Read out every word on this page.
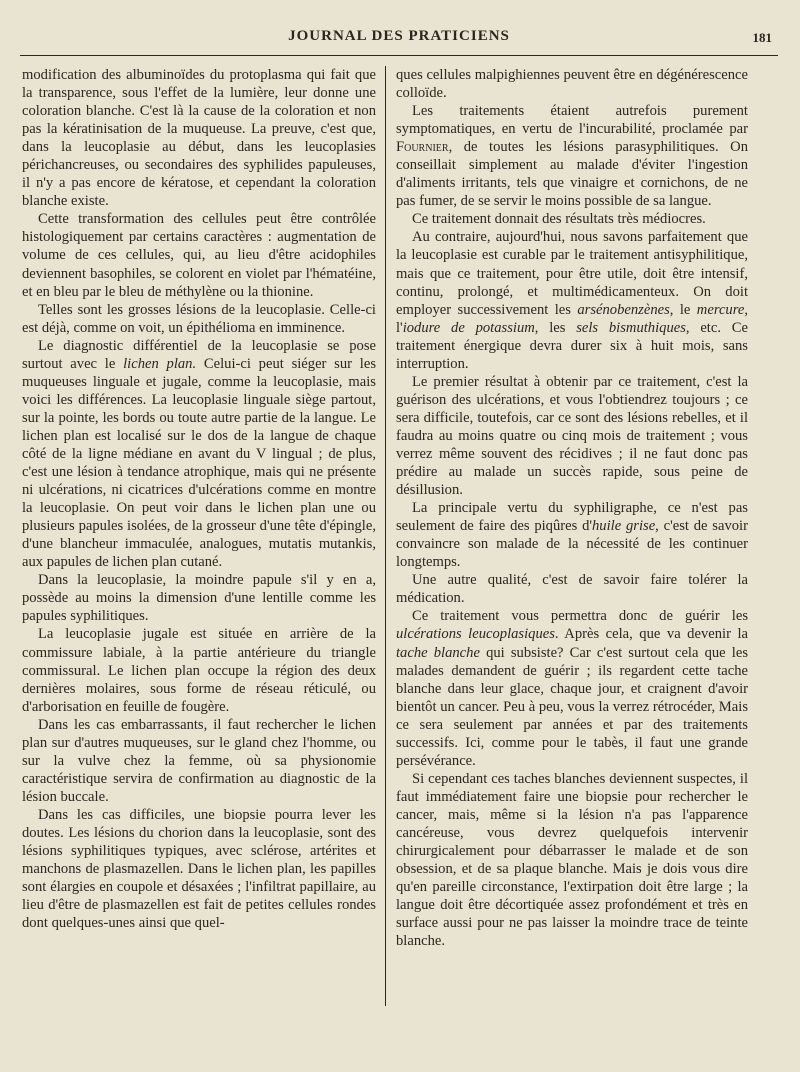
JOURNAL DES PRATICIENS	181

modification des albuminoïdes du protoplasma qui fait que la transparence, sous l'effet de la lumière, leur donne une coloration blanche. C'est là la cause de la coloration et non pas la kératinisation de la muqueuse. La preuve, c'est que, dans la leucoplasie au début, dans les leucoplasies périchancreuses, ou secondaires des syphilides papuleuses, il n'y a pas encore de kératose, et cependant la coloration blanche existe.

Cette transformation des cellules peut être contrôlée histologiquement par certains caractères : augmentation de volume de ces cellules, qui, au lieu d'être acidophiles deviennent basophiles, se colorent en violet par l'hématéine, et en bleu par le bleu de méthylène ou la thionine.

Telles sont les grosses lésions de la leucoplasie. Celle-ci est déjà, comme on voit, un épithélioma en imminence.

Le diagnostic différentiel de la leucoplasie se pose surtout avec le lichen plan. Celui-ci peut siéger sur les muqueuses linguale et jugale, comme la leucoplasie, mais voici les différences. La leucoplasie linguale siège partout, sur la pointe, les bords ou toute autre partie de la langue. Le lichen plan est localisé sur le dos de la langue de chaque côté de la ligne médiane en avant du V lingual ; de plus, c'est une lésion à tendance atrophique, mais qui ne présente ni ulcérations, ni cicatrices d'ulcérations comme en montre la leucoplasie. On peut voir dans le lichen plan une ou plusieurs papules isolées, de la grosseur d'une tête d'épingle, d'une blancheur immaculée, analogues, mutatis mutankis, aux papules de lichen plan cutané.

Dans la leucoplasie, la moindre papule s'il y en a, possède au moins la dimension d'une lentille comme les papules syphilitiques.

La leucoplasie jugale est située en arrière de la commissure labiale, à la partie antérieure du triangle commissural. Le lichen plan occupe la région des deux dernières molaires, sous forme de réseau réticulé, ou d'arborisation en feuille de fougère.

Dans les cas embarrassants, il faut rechercher le lichen plan sur d'autres muqueuses, sur le gland chez l'homme, ou sur la vulve chez la femme, où sa physionomie caractéristique servira de confirmation au diagnostic de la lésion buccale.

Dans les cas difficiles, une biopsie pourra lever les doutes. Les lésions du chorion dans la leucoplasie, sont des lésions syphilitiques typiques, avec sclérose, artérites et manchons de plasmazellen. Dans le lichen plan, les papilles sont élargies en coupole et désaxées ; l'infiltrat papillaire, au lieu d'être de plasmazellen est fait de petites cellules rondes dont quelques-unes ainsi que quel-

ques cellules malpighiennes peuvent être en dégénérescence colloïde.

Les traitements étaient autrefois purement symptomatiques, en vertu de l'incurabilité, proclamée par Fournier, de toutes les lésions parasyphilitiques. On conseillait simplement au malade d'éviter l'ingestion d'aliments irritants, tels que vinaigre et cornichons, de ne pas fumer, de se servir le moins possible de sa langue.

Ce traitement donnait des résultats très médiocres.

Au contraire, aujourd'hui, nous savons parfaitement que la leucoplasie est curable par le traitement antisyphilitique, mais que ce traitement, pour être utile, doit être intensif, continu, prolongé, et multimédicamenteux. On doit employer successivement les arsénobenzènes, le mercure, l'iodure de potassium, les sels bismuthiques, etc. Ce traitement énergique devra durer six à huit mois, sans interruption.

Le premier résultat à obtenir par ce traitement, c'est la guérison des ulcérations, et vous l'obtiendrez toujours ; ce sera difficile, toutefois, car ce sont des lésions rebelles, et il faudra au moins quatre ou cinq mois de traitement ; vous verrez même souvent des récidives ; il ne faut donc pas prédire au malade un succès rapide, sous peine de désillusion.

La principale vertu du syphiligraphe, ce n'est pas seulement de faire des piqûres d'huile grise, c'est de savoir convaincre son malade de la nécessité de les continuer longtemps.

Une autre qualité, c'est de savoir faire tolérer la médication.

Ce traitement vous permettra donc de guérir les ulcérations leucoplasiques. Après cela, que va devenir la tache blanche qui subsiste? Car c'est surtout cela que les malades demandent de guérir ; ils regardent cette tache blanche dans leur glace, chaque jour, et craignent d'avoir bientôt un cancer. Peu à peu, vous la verrez rétrocéder, Mais ce sera seulement par années et par des traitements successifs. Ici, comme pour le tabès, il faut une grande persévérance.

Si cependant ces taches blanches deviennent suspectes, il faut immédiatement faire une biopsie pour rechercher le cancer, mais, même si la lésion n'a pas l'apparence cancéreuse, vous devrez quelquefois intervenir chirurgicalement pour débarrasser le malade et de son obsession, et de sa plaque blanche. Mais je dois vous dire qu'en pareille circonstance, l'extirpation doit être large ; la langue doit être décortiquée assez profondément et très en surface aussi pour ne pas laisser la moindre trace de teinte blanche.
